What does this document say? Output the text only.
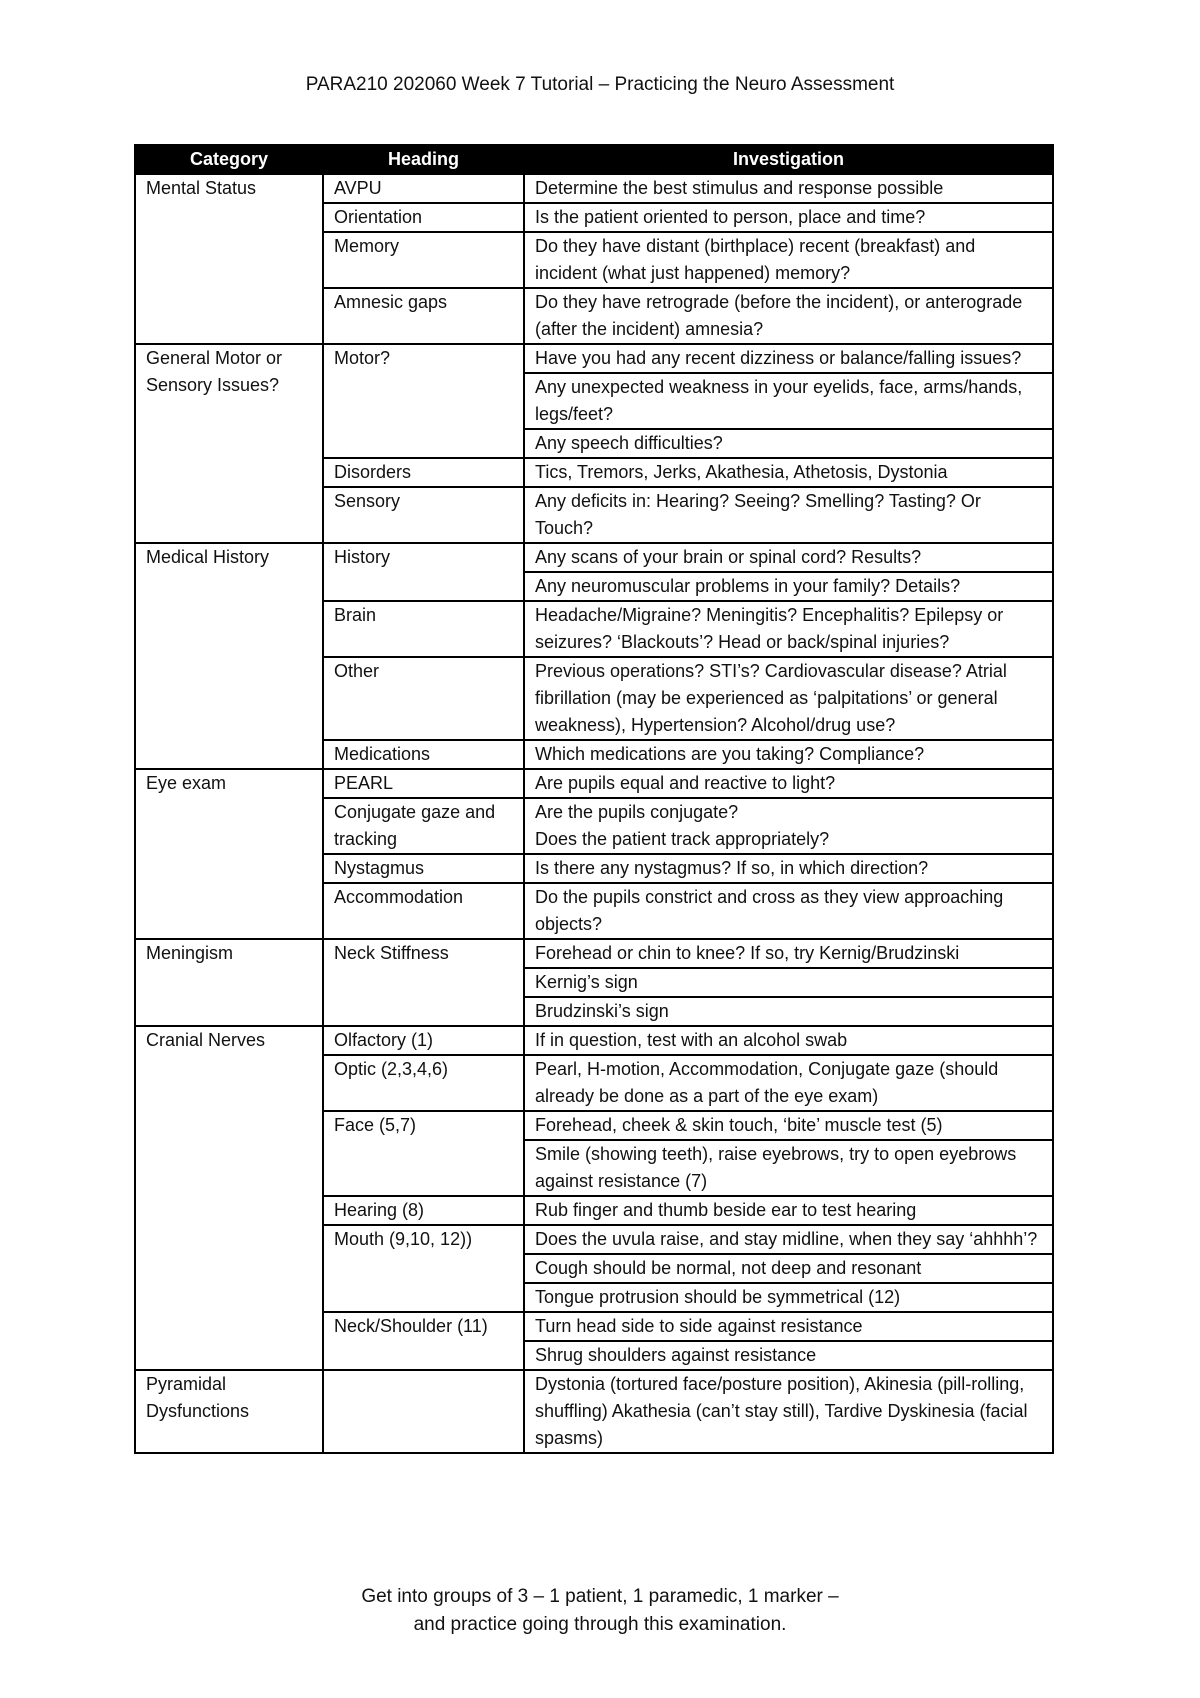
PARA210 202060 Week 7 Tutorial – Practicing the Neuro Assessment
Category	Heading	Investigation
Mental Status	AVPU	Determine the best stimulus and response possible
	Orientation	Is the patient oriented to person, place and time?
	Memory	Do they have distant (birthplace) recent (breakfast) and incident (what just happened) memory?
	Amnesic gaps	Do they have retrograde (before the incident), or anterograde (after the incident) amnesia?
General Motor or Sensory Issues?	Motor?	Have you had any recent dizziness or balance/falling issues?
		Any unexpected weakness in your eyelids, face, arms/hands, legs/feet?
		Any speech difficulties?
	Disorders	Tics, Tremors, Jerks, Akathesia, Athetosis, Dystonia
	Sensory	Any deficits in: Hearing? Seeing? Smelling? Tasting? Or Touch?
Medical History	History	Any scans of your brain or spinal cord? Results?
		Any neuromuscular problems in your family? Details?
	Brain	Headache/Migraine? Meningitis? Encephalitis? Epilepsy or seizures? ‘Blackouts’? Head or back/spinal injuries?
	Other	Previous operations? STI’s? Cardiovascular disease? Atrial fibrillation (may be experienced as ‘palpitations’ or general weakness), Hypertension? Alcohol/drug use?
	Medications	Which medications are you taking? Compliance?
Eye exam	PEARL	Are pupils equal and reactive to light?
	Conjugate gaze and tracking	Are the pupils conjugate?
Does the patient track appropriately?

	Nystagmus	Is there any nystagmus? If so, in which direction?
	Accommodation	Do the pupils constrict and cross as they view approaching objects?
Meningism	Neck Stiffness	Forehead or chin to knee? If so, try Kernig/Brudzinski
		Kernig’s sign
		Brudzinski’s sign
Cranial Nerves	Olfactory (1)	If in question, test with an alcohol swab
	Optic (2,3,4,6)	Pearl, H-motion, Accommodation, Conjugate gaze (should already be done as a part of the eye exam)
	Face (5,7)	Forehead, cheek & skin touch, ‘bite’ muscle test (5)
		Smile (showing teeth), raise eyebrows, try to open eyebrows against resistance (7)
	Hearing (8)	Rub finger and thumb beside ear to test hearing
	Mouth (9,10, 12))	Does the uvula raise, and stay midline, when they say ‘ahhhh’?
		Cough should be normal, not deep and resonant
		Tongue protrusion should be symmetrical (12)
	Neck/Shoulder (11)	Turn head side to side against resistance
		Shrug shoulders against resistance
Pyramidal Dysfunctions		Dystonia (tortured face/posture position), Akinesia (pill-rolling, shuffling) Akathesia (can’t stay still), Tardive Dyskinesia (facial spasms)
Get into groups of 3 – 1 patient, 1 paramedic, 1 marker –
and practice going through this examination.
